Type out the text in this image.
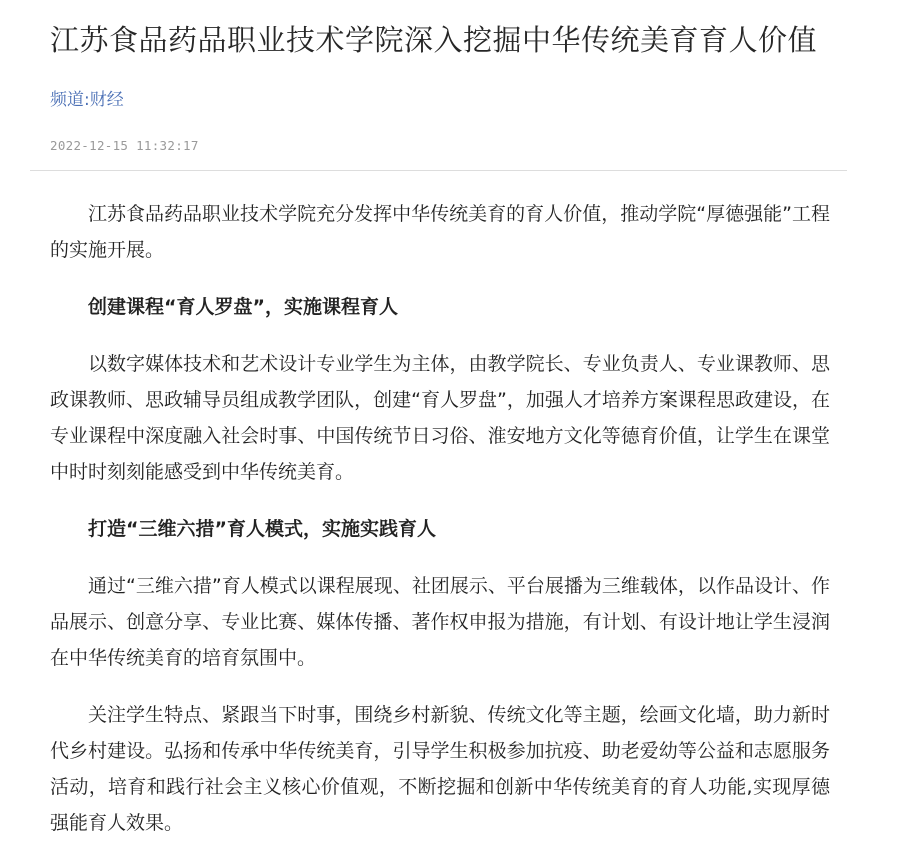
江苏食品药品职业技术学院深入挖掘中华传统美育育人价值
频道:财经
2022-12-15 11:32:17

江苏食品药品职业技术学院充分发挥中华传统美育的育人价值，推动学院“厚德强能”工程的实施开展。

创建课程“育人罗盘”，实施课程育人

以数字媒体技术和艺术设计专业学生为主体，由教学院长、专业负责人、专业课教师、思政课教师、思政辅导员组成教学团队，创建“育人罗盘”，加强人才培养方案课程思政建设，在专业课程中深度融入社会时事、中国传统节日习俗、淮安地方文化等德育价值，让学生在课堂中时时刻刻能感受到中华传统美育。

打造“三维六措”育人模式，实施实践育人

通过“三维六措”育人模式以课程展现、社团展示、平台展播为三维载体，以作品设计、作品展示、创意分享、专业比赛、媒体传播、著作权申报为措施，有计划、有设计地让学生浸润在中华传统美育的培育氛围中。

关注学生特点、紧跟当下时事，围绕乡村新貌、传统文化等主题，绘画文化墙，助力新时代乡村建设。弘扬和传承中华传统美育，引导学生积极参加抗疫、助老爱幼等公益和志愿服务活动，培育和践行社会主义核心价值观，不断挖掘和创新中华传统美育的育人功能,实现厚德强能育人效果。
